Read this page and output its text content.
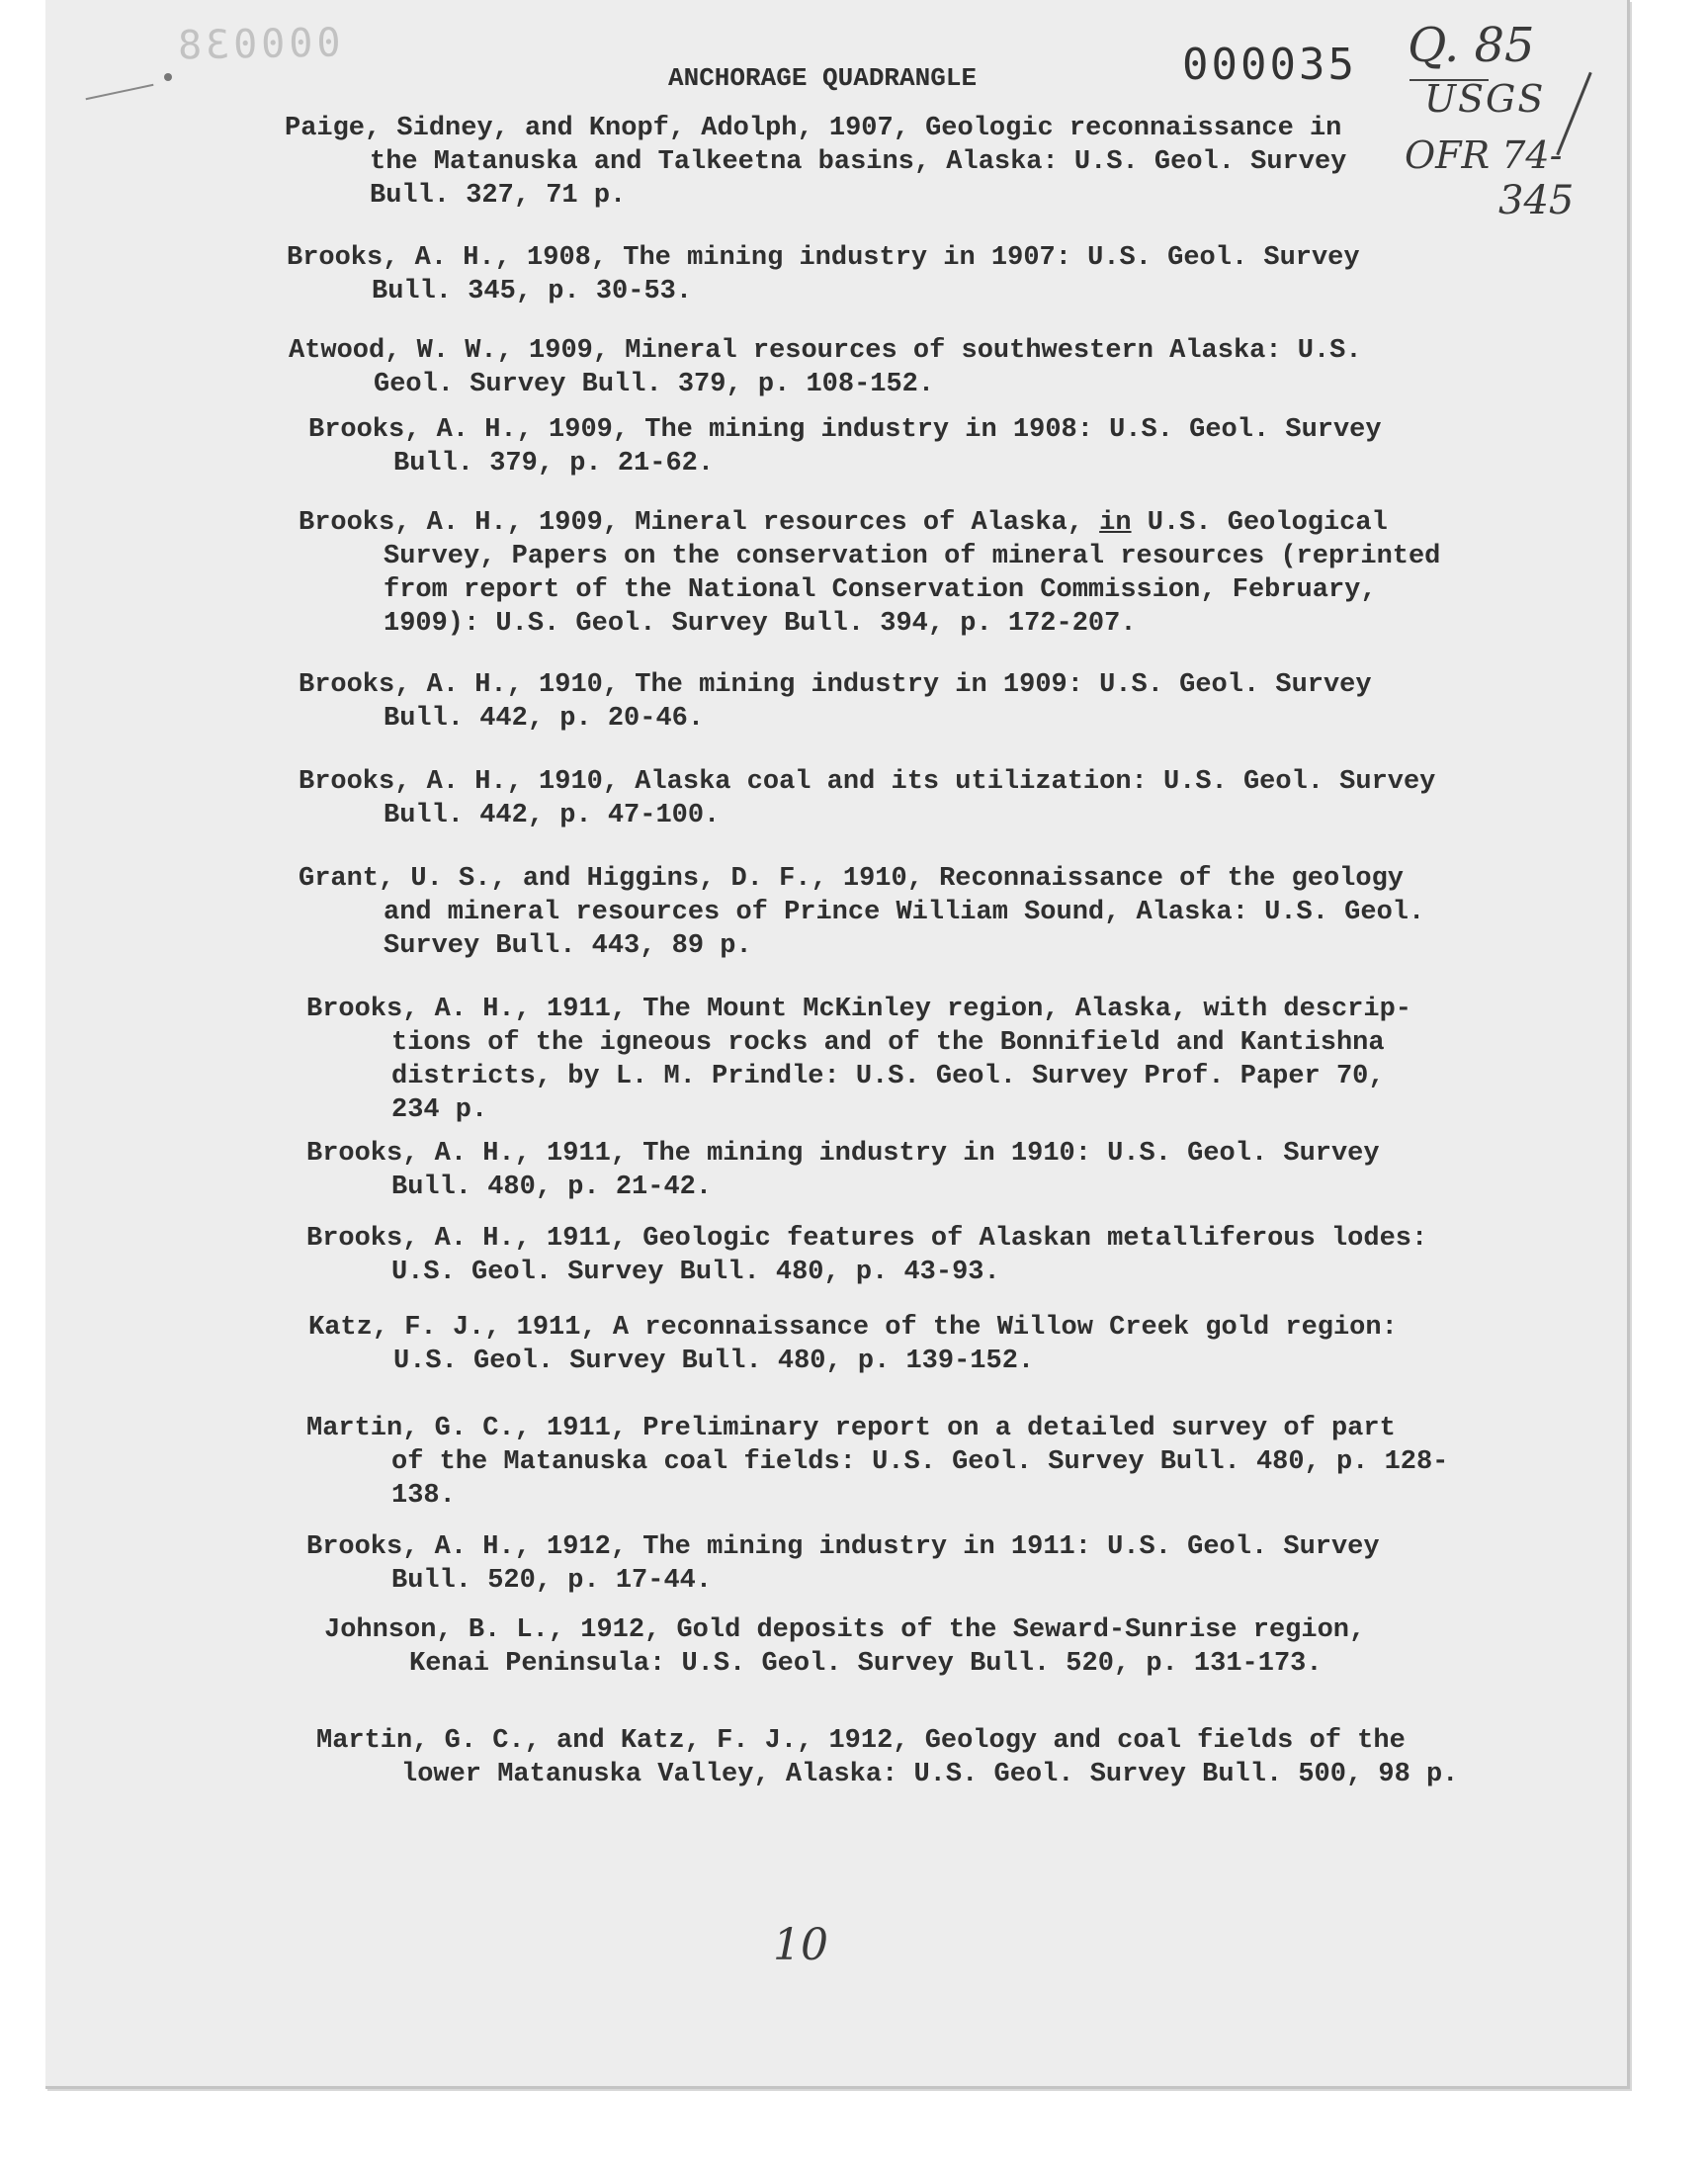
000038
ANCHORAGE QUADRANGLE	000035 Q. 85
USGS
OFR 74-
345
Paige, Sidney, and Knopf, Adolph, 1907, Geologic reconnaissance in
the Matanuska and Talkeetna basins, Alaska: U.S. Geol. Survey
Bull. 327, 71 p.
Brooks, A. H., 1908, The mining industry in 1907: U.S. Geol. Survey
Bull. 345, p. 30-53.
Atwood, W. W., 1909, Mineral resources of southwestern Alaska: U.S.
Geol. Survey Bull. 379, p. 108-152.
Brooks, A. H., 1909, The mining industry in 1908: U.S. Geol. Survey
Bull. 379, p. 21-62.
Brooks, A. H., 1909, Mineral resources of Alaska, in U.S. Geological
Survey, Papers on the conservation of mineral resources (reprinted
from report of the National Conservation Commission, February,
1909): U.S. Geol. Survey Bull. 394, p. 172-207.
Brooks, A. H., 1910, The mining industry in 1909: U.S. Geol. Survey
Bull. 442, p. 20-46.
Brooks, A. H., 1910, Alaska coal and its utilization: U.S. Geol. Survey
Bull. 442, p. 47-100.
Grant, U. S., and Higgins, D. F., 1910, Reconnaissance of the geology
and mineral resources of Prince William Sound, Alaska: U.S. Geol.
Survey Bull. 443, 89 p.
Brooks, A. H., 1911, The Mount McKinley region, Alaska, with descrip-
tions of the igneous rocks and of the Bonnifield and Kantishna
districts, by L. M. Prindle: U.S. Geol. Survey Prof. Paper 70,
234 p.
Brooks, A. H., 1911, The mining industry in 1910: U.S. Geol. Survey
Bull. 480, p. 21-42.
Brooks, A. H., 1911, Geologic features of Alaskan metalliferous lodes:
U.S. Geol. Survey Bull. 480, p. 43-93.
Katz, F. J., 1911, A reconnaissance of the Willow Creek gold region:
U.S. Geol. Survey Bull. 480, p. 139-152.
Martin, G. C., 1911, Preliminary report on a detailed survey of part
of the Matanuska coal fields: U.S. Geol. Survey Bull. 480, p. 128-
138.
Brooks, A. H., 1912, The mining industry in 1911: U.S. Geol. Survey
Bull. 520, p. 17-44.
Johnson, B. L., 1912, Gold deposits of the Seward-Sunrise region,
Kenai Peninsula: U.S. Geol. Survey Bull. 520, p. 131-173.
Martin, G. C., and Katz, F. J., 1912, Geology and coal fields of the
lower Matanuska Valley, Alaska: U.S. Geol. Survey Bull. 500, 98 p.
10
